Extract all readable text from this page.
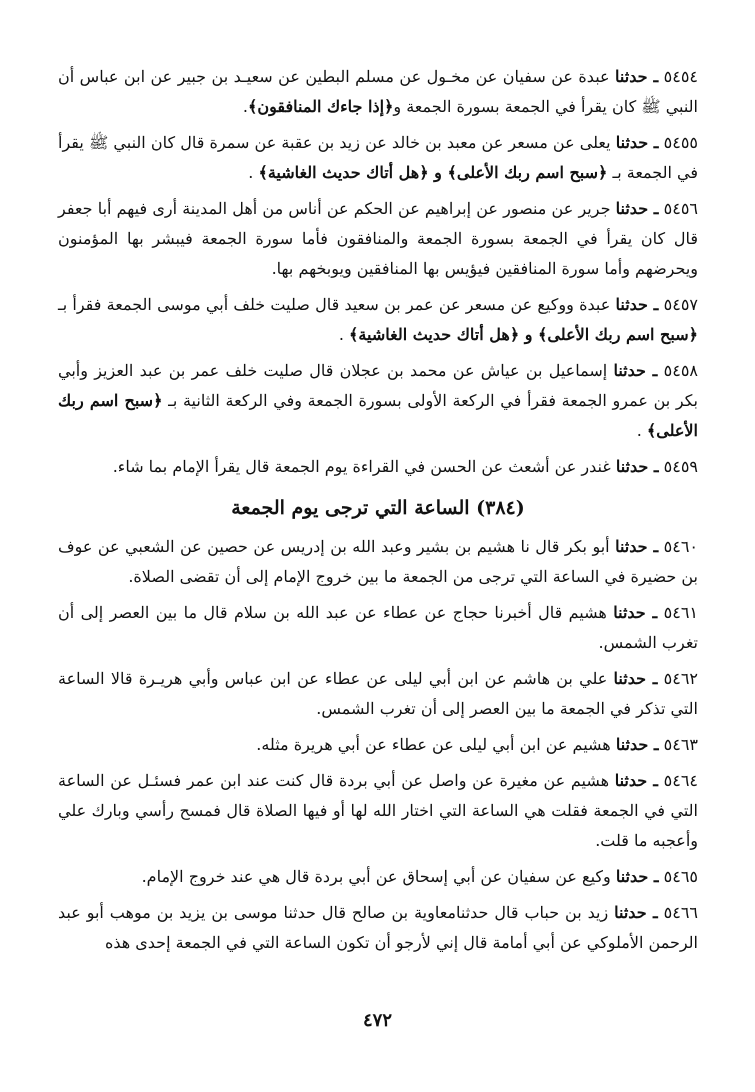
٥٤٥٤ ـ حدثنا عبدة عن سفيان عن مخـول عن مسلم البطين عن سعيـد بن جبير عن ابن عباس أن النبي ﷺ كان يقرأ في الجمعة بسورة الجمعة و﴿إذا جاءك المنافقون﴾.

٥٤٥٥ ـ حدثنا يعلى عن مسعر عن معبد بن خالد عن زيد بن عقبة عن سمرة قال كان النبي ﷺ يقرأ في الجمعة بـ ﴿سبح اسم ربك الأعلى﴾ و ﴿هل أتاك حديث الغاشية﴾ .

٥٤٥٦ ـ حدثنا جرير عن منصور عن إبراهيم عن الحكم عن أناس من أهل المدينة أرى فيهم أبا جعفر قال كان يقرأ في الجمعة بسورة الجمعة والمنافقون فأما سورة الجمعة فيبشر بها المؤمنون ويحرضهم وأما سورة المنافقين فيؤيس بها المنافقين ويوبخهم بها.

٥٤٥٧ ـ حدثنا عبدة ووكيع عن مسعر عن عمر بن سعيد قال صليت خلف أبي موسى الجمعة فقرأ بـ ﴿سبح اسم ربك الأعلى﴾ و ﴿هل أتاك حديث الغاشية﴾ .

٥٤٥٨ ـ حدثنا إسماعيل بن عياش عن محمد بن عجلان قال صليت خلف عمر بن عبد العزيز وأبي بكر بن عمرو الجمعة فقرأ في الركعة الأولى بسورة الجمعة وفي الركعة الثانية بـ ﴿سبح اسم ربك الأعلى﴾ .

٥٤٥٩ ـ حدثنا غندر عن أشعث عن الحسن في القراءة يوم الجمعة قال يقرأ الإمام بما شاء.

(٣٨٤) الساعة التي ترجى يوم الجمعة

٥٤٦٠ ـ حدثنا أبو بكر قال نا هشيم بن بشير وعبد الله بن إدريس عن حصين عن الشعبي عن عوف بن حضيرة في الساعة التي ترجى من الجمعة ما بين خروج الإمام إلى أن تقضى الصلاة.

٥٤٦١ ـ حدثنا هشيم قال أخبرنا حجاج عن عطاء عن عبد الله بن سلام قال ما بين العصر إلى أن تغرب الشمس.

٥٤٦٢ ـ حدثنا علي بن هاشم عن ابن أبي ليلى عن عطاء عن ابن عباس وأبي هريـرة قالا الساعة التي تذكر في الجمعة ما بين العصر إلى أن تغرب الشمس.

٥٤٦٣ ـ حدثنا هشيم عن ابن أبي ليلى عن عطاء عن أبي هريرة مثله.

٥٤٦٤ ـ حدثنا هشيم عن مغيرة عن واصل عن أبي بردة قال كنت عند ابن عمر فسئـل عن الساعة التي في الجمعة فقلت هي الساعة التي اختار الله لها أو فيها الصلاة قال فمسح رأسي وبارك علي وأعجبه ما قلت.

٥٤٦٥ ـ حدثنا وكيع عن سفيان عن أبي إسحاق عن أبي بردة قال هي عند خروج الإمام.

٥٤٦٦ ـ حدثنا زيد بن حباب قال حدثنامعاوية بن صالح قال حدثنا موسى بن يزيد بن موهب أبو عبد الرحمن الأملوكي عن أبي أمامة قال إني لأرجو أن تكون الساعة التي في الجمعة إحدى هذه

٤٧٢
